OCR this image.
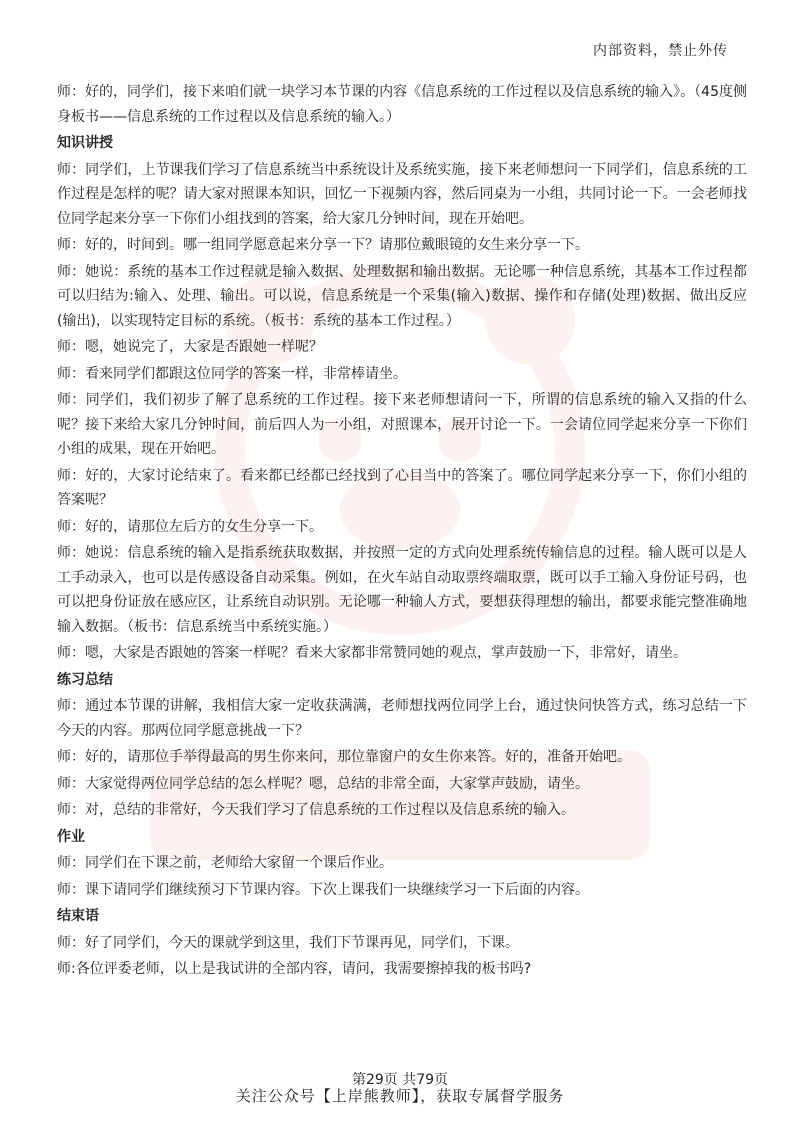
内部资料，禁止外传
师：好的，同学们，接下来咱们就一块学习本节课的内容《信息系统的工作过程以及信息系统的输入》。（45度侧身板书——信息系统的工作过程以及信息系统的输入。）
知识讲授
师：同学们，上节课我们学习了信息系统当中系统设计及系统实施，接下来老师想问一下同学们，信息系统的工作过程是怎样的呢？请大家对照课本知识，回忆一下视频内容，然后同桌为一小组，共同讨论一下。一会老师找位同学起来分享一下你们小组找到的答案，给大家几分钟时间，现在开始吧。
师：好的，时间到。哪一组同学愿意起来分享一下？请那位戴眼镜的女生来分享一下。
师：她说：系统的基本工作过程就是输入数据、处理数据和输出数据。无论哪一种信息系统，其基本工作过程都可以归结为:输入、处理、输出。可以说，信息系统是一个采集(输入)数据、操作和存储(处理)数据、做出反应(输出)，以实现特定目标的系统。（板书：系统的基本工作过程。）
师：嗯，她说完了，大家是否跟她一样呢？
师：看来同学们都跟这位同学的答案一样，非常棒请坐。
师：同学们，我们初步了解了息系统的工作过程。接下来老师想请问一下，所谓的信息系统的输入又指的什么呢？接下来给大家几分钟时间，前后四人为一小组，对照课本，展开讨论一下。一会请位同学起来分享一下你们小组的成果，现在开始吧。
师：好的，大家讨论结束了。看来都已经都已经找到了心目当中的答案了。哪位同学起来分享一下，你们小组的答案呢？
师：好的，请那位左后方的女生分享一下。
师：她说：信息系统的输入是指系统获取数据，并按照一定的方式向处理系统传输信息的过程。输人既可以是人工手动录入，也可以是传感设备自动采集。例如，在火车站自动取票终端取票，既可以手工输入身份证号码，也可以把身份证放在感应区，让系统自动识别。无论哪一种输人方式，要想获得理想的输出，都要求能完整准确地输入数据。（板书：信息系统当中系统实施。）
师：嗯，大家是否跟她的答案一样呢？看来大家都非常赞同她的观点，掌声鼓励一下，非常好，请坐。
练习总结
师：通过本节课的讲解，我相信大家一定收获满满，老师想找两位同学上台，通过快问快答方式，练习总结一下今天的内容。那两位同学愿意挑战一下？
师：好的，请那位手举得最高的男生你来问，那位靠窗户的女生你来答。好的，准备开始吧。
师：大家觉得两位同学总结的怎么样呢？嗯，总结的非常全面，大家掌声鼓励，请坐。
师：对，总结的非常好，今天我们学习了信息系统的工作过程以及信息系统的输入。
作业
师：同学们在下课之前，老师给大家留一个课后作业。
师：课下请同学们继续预习下节课内容。下次上课我们一块继续学习一下后面的内容。
结束语
师：好了同学们，今天的课就学到这里，我们下节课再见，同学们，下课。
师:各位评委老师，以上是我试讲的全部内容，请问，我需要擦掉我的板书吗?
第29页 共79页
关注公众号【上岸熊教师】，获取专属督学服务
